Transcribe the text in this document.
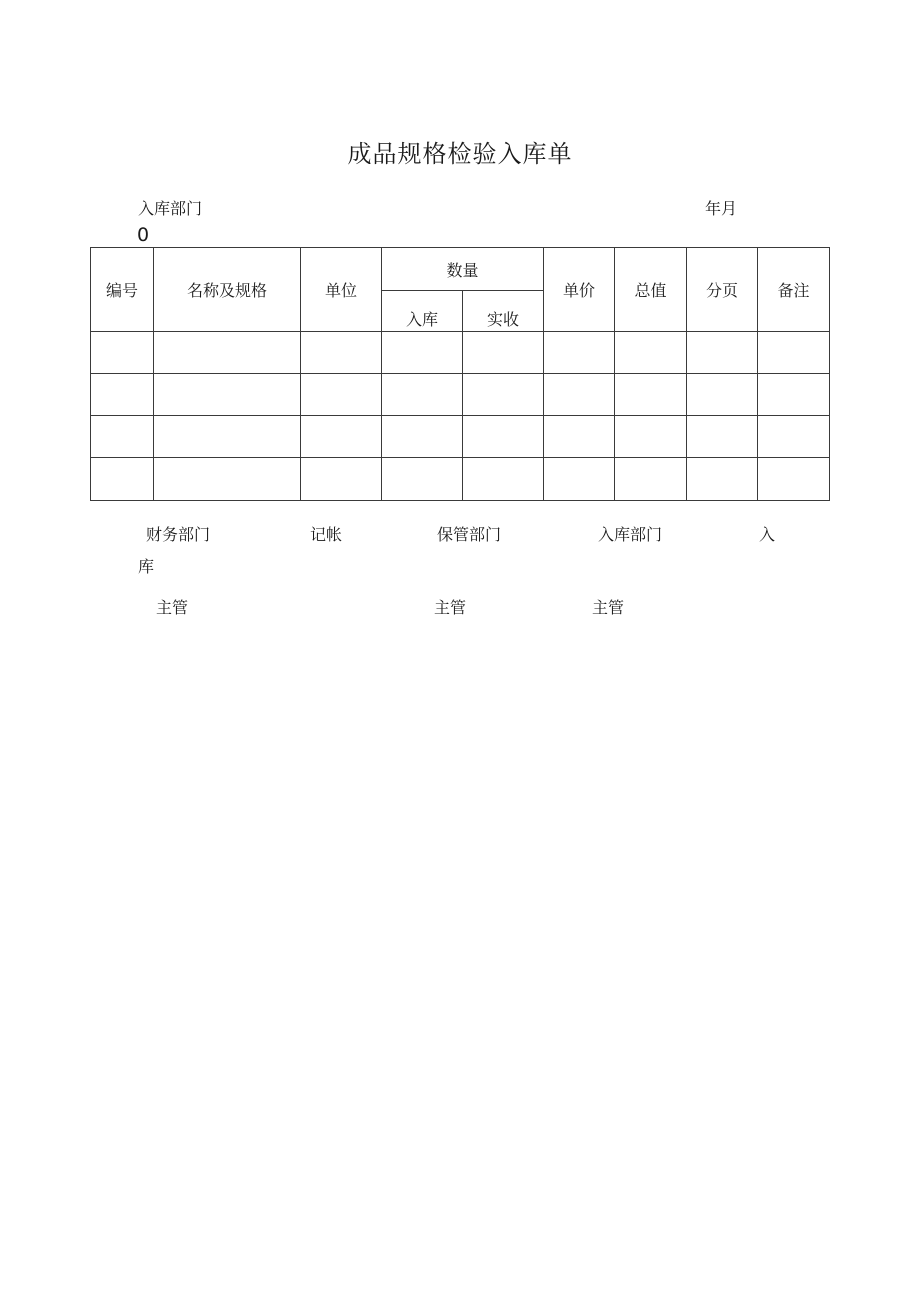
成品规格检验入库单
入库部门	年月
0
编号	名称及规格	单位	数量		单价	总值	分页	备注

			入库	实收				

财务部门	记帐	保管部门	入库部门	入
库
主管	主管	主管
